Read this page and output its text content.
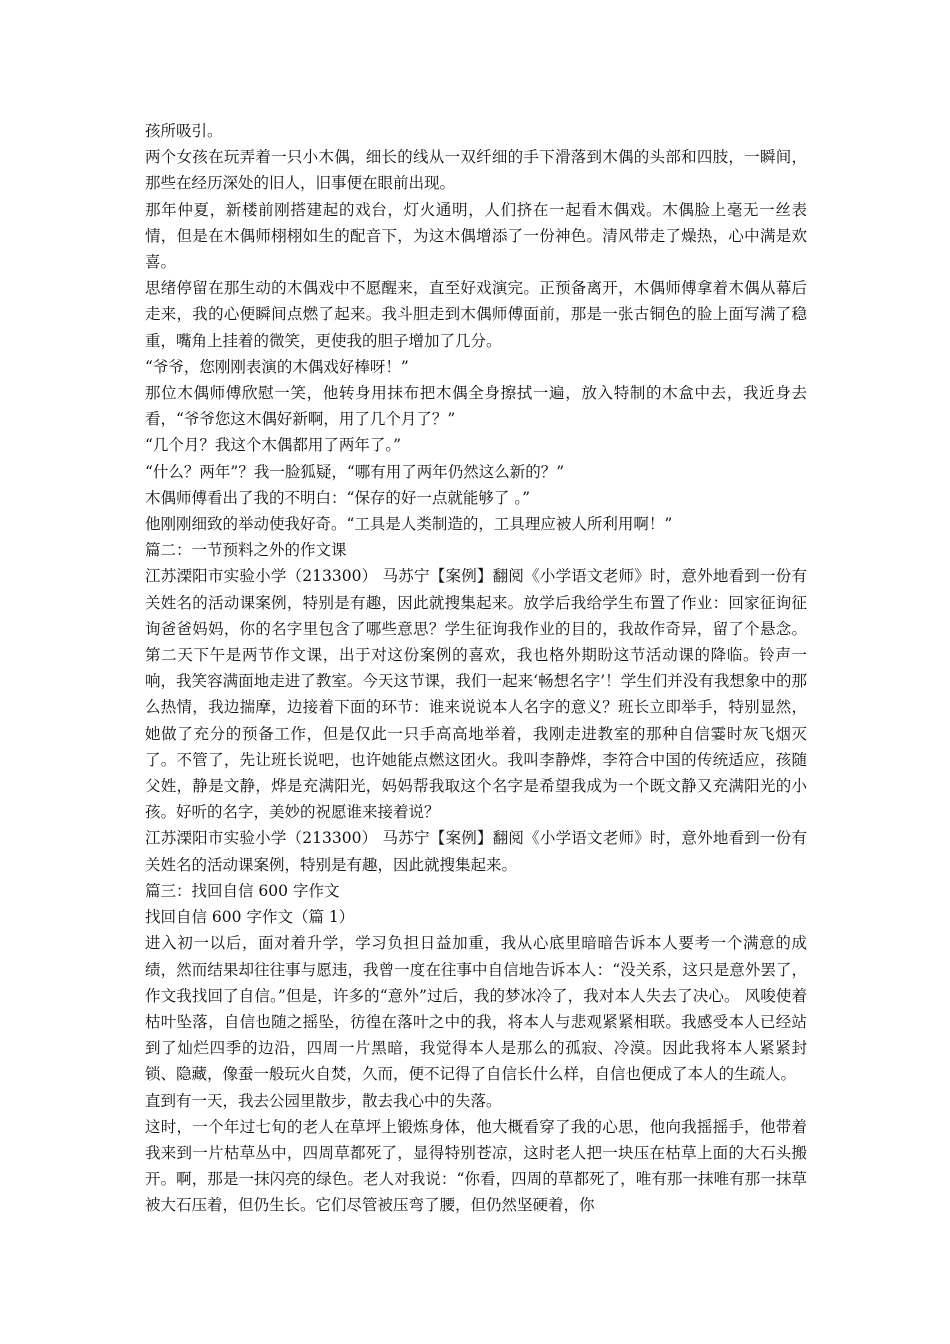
孩所吸引。

两个女孩在玩弄着一只小木偶，细长的线从一双纤细的手下滑落到木偶的头部和四肢，一瞬间，那些在经历深处的旧人，旧事便在眼前出现。

那年仲夏，新楼前刚搭建起的戏台，灯火通明，人们挤在一起看木偶戏。木偶脸上毫无一丝表情，但是在木偶师栩栩如生的配音下，为这木偶增添了一份神色。清风带走了燥热，心中满是欢喜。

思绪停留在那生动的木偶戏中不愿醒来，直至好戏演完。正预备离开，木偶师傅拿着木偶从幕后走来，我的心便瞬间点燃了起来。我斗胆走到木偶师傅面前，那是一张古铜色的脸上面写满了稳重，嘴角上挂着的微笑，更使我的胆子增加了几分。

“爷爷，您刚刚表演的木偶戏好棒呀！”

那位木偶师傅欣慰一笑，他转身用抹布把木偶全身擦拭一遍，放入特制的木盒中去，我近身去看，“爷爷您这木偶好新啊，用了几个月了？”

“几个月？我这个木偶都用了两年了。”

“什么？两年”？我一脸狐疑，“哪有用了两年仍然这么新的？”

木偶师傅看出了我的不明白：“保存的好一点就能够了 。”

他刚刚细致的举动使我好奇。“工具是人类制造的，工具理应被人所利用啊！”

篇二：一节预料之外的作文课

江苏溧阳市实验小学（213300） 马苏宁【案例】翻阅《小学语文老师》时，意外地看到一份有关姓名的活动课案例，特别是有趣，因此就搜集起来。放学后我给学生布置了作业：回家征询征询爸爸妈妈，你的名字里包含了哪些意思？学生征询我作业的目的，我故作奇异，留了个悬念。第二天下午是两节作文课，出于对这份案例的喜欢，我也格外期盼这节活动课的降临。铃声一响，我笑容满面地走进了教室。今天这节课，我们一起来‘畅想名字’！学生们并没有我想象中的那么热情，我边揣摩，边接着下面的环节：谁来说说本人名字的意义？班长立即举手，特别显然，她做了充分的预备工作，但是仅此一只手高高地举着，我刚走进教室的那种自信霎时灰飞烟灭了。不管了，先让班长说吧，也许她能点燃这团火。我叫李静烨，李符合中国的传统适应，孩随父姓，静是文静，烨是充满阳光，妈妈帮我取这个名字是希望我成为一个既文静又充满阳光的小孩。好听的名字，美妙的祝愿谁来接着说？

江苏溧阳市实验小学（213300） 马苏宁【案例】翻阅《小学语文老师》时，意外地看到一份有关姓名的活动课案例，特别是有趣，因此就搜集起来。

篇三：找回自信 600 字作文

找回自信 600 字作文（篇 1）

进入初一以后，面对着升学，学习负担日益加重，我从心底里暗暗告诉本人要考一个满意的成绩，然而结果却往往事与愿违，我曾一度在往事中自信地告诉本人：“没关系，这只是意外罢了，作文我找回了自信。”但是，许多的“意外”过后，我的梦冰冷了，我对本人失去了决心。 风唆使着枯叶坠落，自信也随之摇坠，彷徨在落叶之中的我，将本人与悲观紧紧相联。我感受本人已经站到了灿烂四季的边沿，四周一片黑暗，我觉得本人是那么的孤寂、冷漠。因此我将本人紧紧封锁、隐藏，像蚕一般玩火自焚，久而，便不记得了自信长什么样，自信也便成了本人的生疏人。

直到有一天，我去公园里散步，散去我心中的失落。

这时，一个年过七旬的老人在草坪上锻炼身体，他大概看穿了我的心思，他向我摇摇手，他带着我来到一片枯草丛中，四周草都死了，显得特别苍凉，这时老人把一块压在枯草上面的大石头搬开。啊，那是一抹闪亮的绿色。老人对我说：“你看，四周的草都死了，唯有那一抹唯有那一抹草被大石压着，但仍生长。它们尽管被压弯了腰，但仍然坚硬着，你
